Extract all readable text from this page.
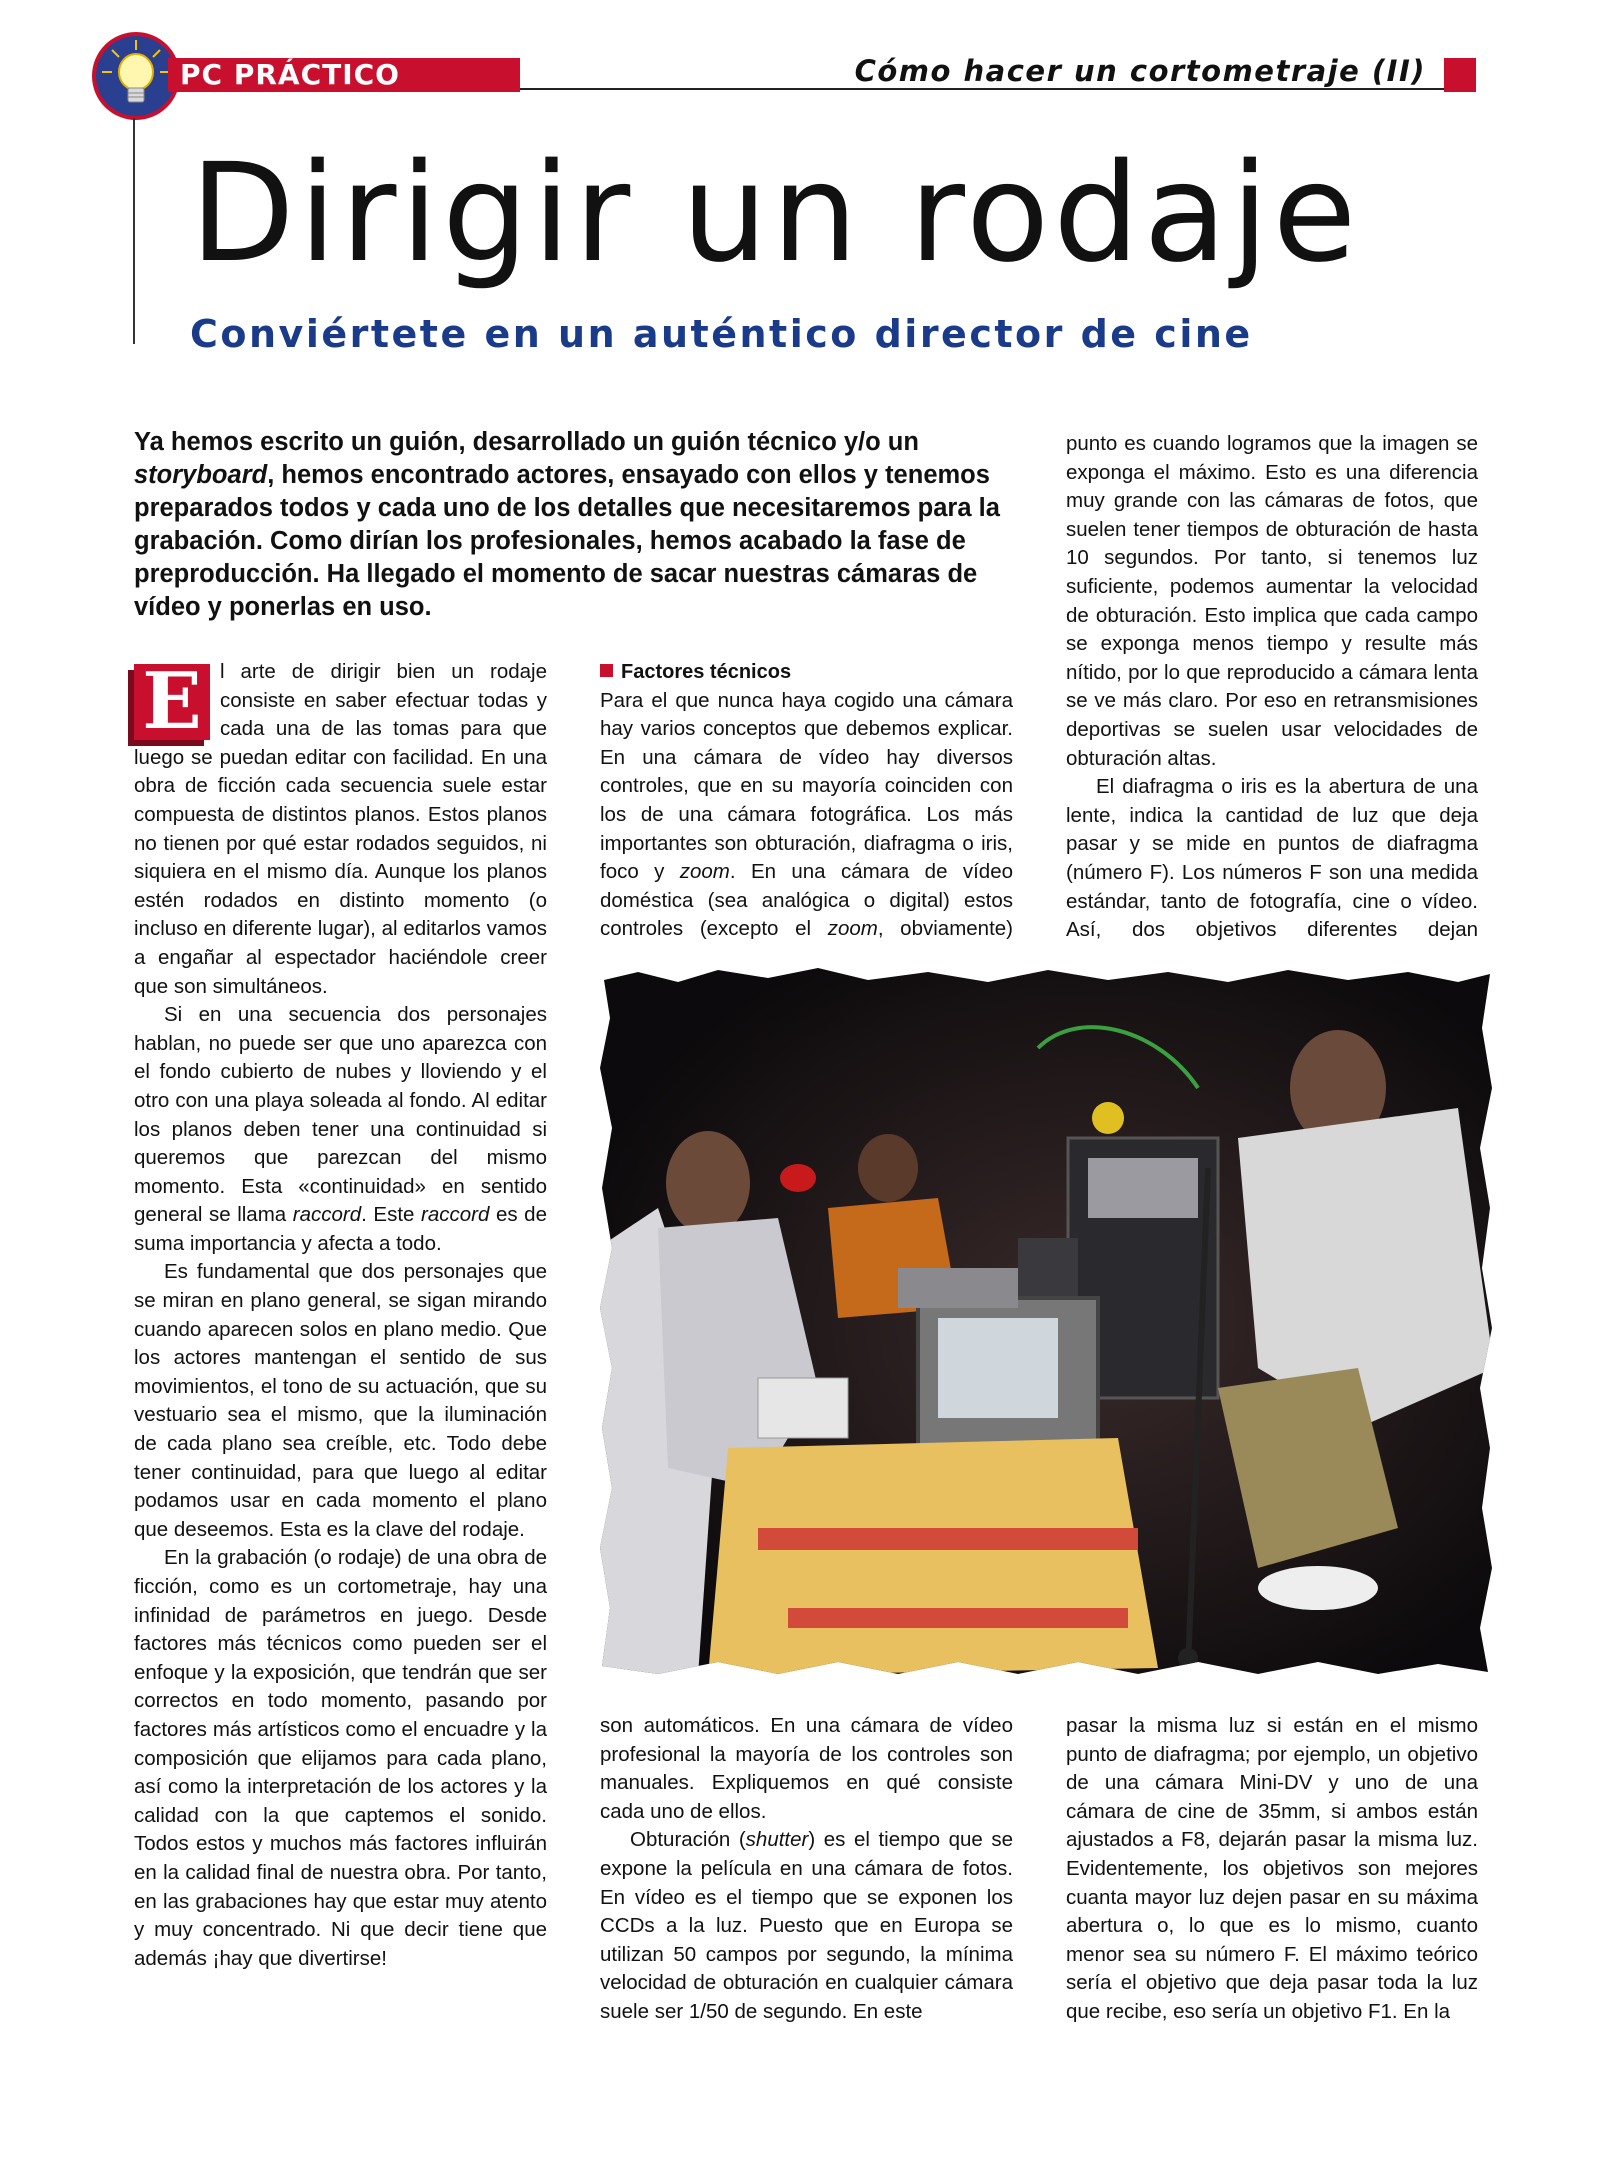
PC PRÁCTICO	Cómo hacer un cortometraje (II)
Dirigir un rodaje
Conviértete en un auténtico director de cine

Ya hemos escrito un guión, desarrollado un guión técnico y/o un storyboard, hemos encontrado actores, ensayado con ellos y tenemos preparados todos y cada uno de los detalles que necesitaremos para la grabación. Como dirían los profesionales, hemos acabado la fase de preproducción. Ha llegado el momento de sacar nuestras cámaras de vídeo y ponerlas en uso.

E l arte de dirigir bien un rodaje consiste en saber efectuar todas y cada una de las tomas para que luego se puedan editar con facilidad. En una obra de ficción cada secuencia suele estar compuesta de distintos planos. Estos planos no tienen por qué estar rodados seguidos, ni siquiera en el mismo día. Aunque los planos estén rodados en distinto momento (o incluso en diferente lugar), al editarlos vamos a engañar al espectador haciéndole creer que son simultáneos.

Si en una secuencia dos personajes hablan, no puede ser que uno aparezca con el fondo cubierto de nubes y lloviendo y el otro con una playa soleada al fondo. Al editar los planos deben tener una continuidad si queremos que parezcan del mismo momento. Esta «continuidad» en sentido general se llama raccord. Este raccord es de suma importancia y afecta a todo.

Es fundamental que dos personajes que se miran en plano general, se sigan mirando cuando aparecen solos en plano medio. Que los actores mantengan el sentido de sus movimientos, el tono de su actuación, que su vestuario sea el mismo, que la iluminación de cada plano sea creíble, etc. Todo debe tener continuidad, para que luego al editar podamos usar en cada momento el plano que deseemos. Esta es la clave del rodaje.

En la grabación (o rodaje) de una obra de ficción, como es un cortometraje, hay una infinidad de parámetros en juego. Desde factores más técnicos como pueden ser el enfoque y la exposición, que tendrán que ser correctos en todo momento, pasando por factores más artísticos como el encuadre y la composición que elijamos para cada plano, así como la interpretación de los actores y la calidad con la que captemos el sonido. Todos estos y muchos más factores influirán en la calidad final de nuestra obra. Por tanto, en las grabaciones hay que estar muy atento y muy concentrado. Ni que decir tiene que además ¡hay que divertirse!

Factores técnicos

Para el que nunca haya cogido una cámara hay varios conceptos que debemos explicar. En una cámara de vídeo hay diversos controles, que en su mayoría coinciden con los de una cámara fotográfica. Los más importantes son obturación, diafragma o iris, foco y zoom. En una cámara de vídeo doméstica (sea analógica o digital) estos controles (excepto el zoom, obviamente)

punto es cuando logramos que la imagen se exponga el máximo. Esto es una diferencia muy grande con las cámaras de fotos, que suelen tener tiempos de obturación de hasta 10 segundos. Por tanto, si tenemos luz suficiente, podemos aumentar la velocidad de obturación. Esto implica que cada campo se exponga menos tiempo y resulte más nítido, por lo que reproducido a cámara lenta se ve más claro. Por eso en retransmisiones deportivas se suelen usar velocidades de obturación altas.

El diafragma o iris es la abertura de una lente, indica la cantidad de luz que deja pasar y se mide en puntos de diafragma (número F). Los números F son una medida estándar, tanto de fotografía, cine o vídeo. Así, dos objetivos diferentes dejan

son automáticos. En una cámara de vídeo profesional la mayoría de los controles son manuales. Expliquemos en qué consiste cada uno de ellos.

Obturación (shutter) es el tiempo que se expone la película en una cámara de fotos. En vídeo es el tiempo que se exponen los CCDs a la luz. Puesto que en Europa se utilizan 50 campos por segundo, la mínima velocidad de obturación en cualquier cámara suele ser 1/50 de segundo. En este

pasar la misma luz si están en el mismo punto de diafragma; por ejemplo, un objetivo de una cámara Mini-DV y uno de una cámara de cine de 35mm, si ambos están ajustados a F8, dejarán pasar la misma luz. Evidentemente, los objetivos son mejores cuanta mayor luz dejen pasar en su máxima abertura o, lo que es lo mismo, cuanto menor sea su número F. El máximo teórico sería el objetivo que deja pasar toda la luz que recibe, eso sería un objetivo F1. En la
